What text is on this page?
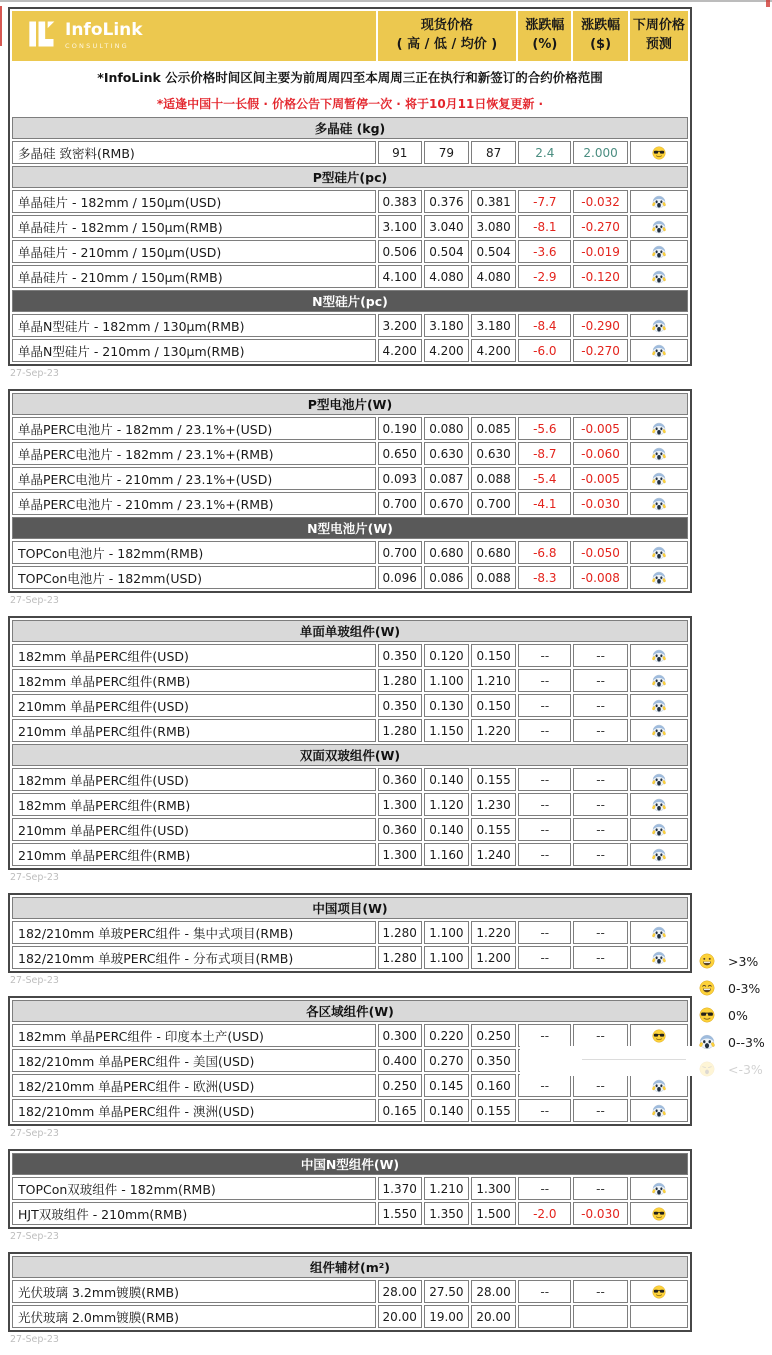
InfoLink
CONSULTING

现货价格
( 高 / 低 / 均价 )

涨跌幅
(%)

涨跌幅
($)

下周价格
预测

*InfoLink 公示价格时间区间主要为前周周四至本周周三正在执行和新签订的合约价格范围						
*适逢中国十一长假 · 价格公告下周暂停一次 · 将于10月11日恢复更新 ·						
多晶硅 (kg)						
多晶硅 致密料(RMB)	91	79	87	2.4	2.000	
P型硅片(pc)						
单晶硅片 - 182mm / 150μm(USD)	0.383	0.376	0.381	-7.7	-0.032	
单晶硅片 - 182mm / 150μm(RMB)	3.100	3.040	3.080	-8.1	-0.270	
单晶硅片 - 210mm / 150μm(USD)	0.506	0.504	0.504	-3.6	-0.019	
单晶硅片 - 210mm / 150μm(RMB)	4.100	4.080	4.080	-2.9	-0.120	
N型硅片(pc)						
单晶N型硅片 - 182mm / 130μm(RMB)	3.200	3.180	3.180	-8.4	-0.290	
单晶N型硅片 - 210mm / 130μm(RMB)	4.200	4.200	4.200	-6.0	-0.270	
27-Sep-23
P型电池片(W)						
单晶PERC电池片 - 182mm / 23.1%+(USD)	0.190	0.080	0.085	-5.6	-0.005	
单晶PERC电池片 - 182mm / 23.1%+(RMB)	0.650	0.630	0.630	-8.7	-0.060	
单晶PERC电池片 - 210mm / 23.1%+(USD)	0.093	0.087	0.088	-5.4	-0.005	
单晶PERC电池片 - 210mm / 23.1%+(RMB)	0.700	0.670	0.700	-4.1	-0.030	
N型电池片(W)						
TOPCon电池片 - 182mm(RMB)	0.700	0.680	0.680	-6.8	-0.050	
TOPCon电池片 - 182mm(USD)	0.096	0.086	0.088	-8.3	-0.008	
27-Sep-23
单面单玻组件(W)						
182mm 单晶PERC组件(USD)	0.350	0.120	0.150	--	--	
182mm 单晶PERC组件(RMB)	1.280	1.100	1.210	--	--	
210mm 单晶PERC组件(USD)	0.350	0.130	0.150	--	--	
210mm 单晶PERC组件(RMB)	1.280	1.150	1.220	--	--	
双面双玻组件(W)						
182mm 单晶PERC组件(USD)	0.360	0.140	0.155	--	--	
182mm 单晶PERC组件(RMB)	1.300	1.120	1.230	--	--	
210mm 单晶PERC组件(USD)	0.360	0.140	0.155	--	--	
210mm 单晶PERC组件(RMB)	1.300	1.160	1.240	--	--	
27-Sep-23
中国项目(W)						
182/210mm 单玻PERC组件 - 集中式项目(RMB)	1.280	1.100	1.220	--	--	
182/210mm 单玻PERC组件 - 分布式项目(RMB)	1.280	1.100	1.200	--	--	
27-Sep-23
各区域组件(W)						
182mm 单晶PERC组件 - 印度本土产(USD)	0.300	0.220	0.250	--	--	
182/210mm 单晶PERC组件 - 美国(USD)	0.400	0.270	0.350			
182/210mm 单晶PERC组件 - 欧洲(USD)	0.250	0.145	0.160	--	--	
182/210mm 单晶PERC组件 - 澳洲(USD)	0.165	0.140	0.155	--	--	
27-Sep-23
中国N型组件(W)						
TOPCon双玻组件 - 182mm(RMB)	1.370	1.210	1.300	--	--	
HJT双玻组件 - 210mm(RMB)	1.550	1.350	1.500	-2.0	-0.030	
27-Sep-23
组件辅材(m²)						
光伏玻璃 3.2mm镀膜(RMB)	28.00	27.50	28.00	--	--	
光伏玻璃 2.0mm镀膜(RMB)	20.00	19.00	20.00			
27-Sep-23
>3%
0-3%
0%
0--3%
<-3%
